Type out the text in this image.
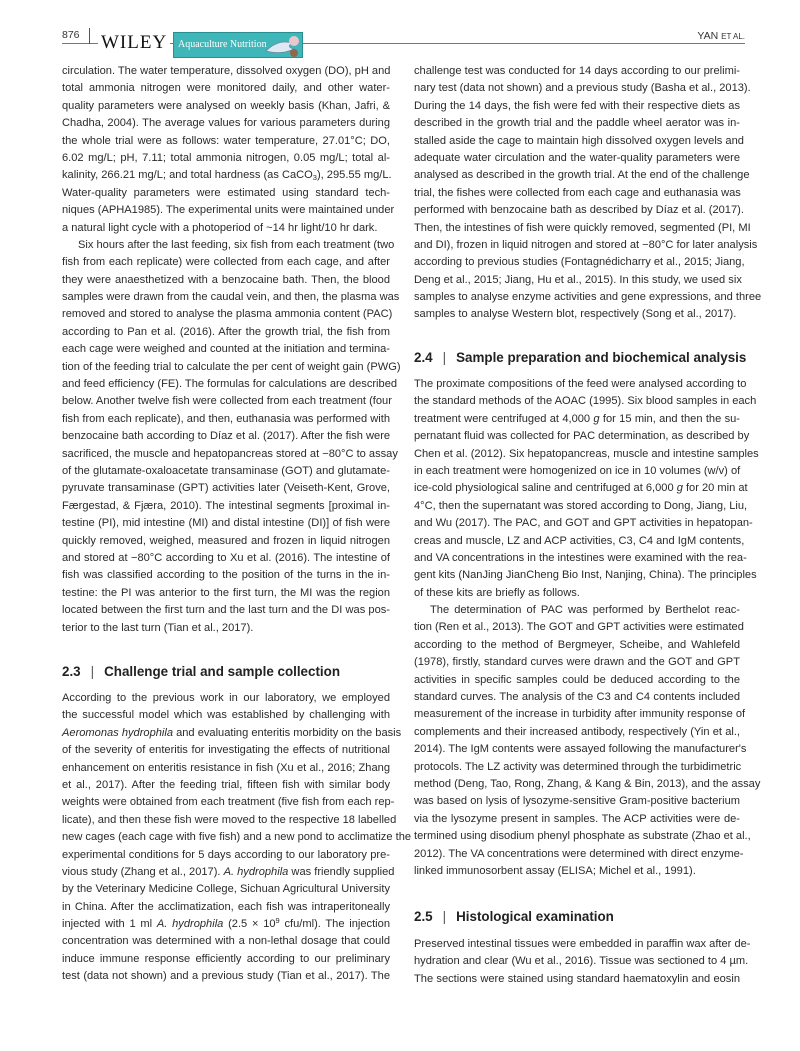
876 WILEY	Aquaculture Nutrition
YAN ET AL.
circulation. The water temperature, dissolved oxygen (DO), pH and
total ammonia nitrogen were monitored daily, and other water-
quality parameters were analysed on weekly basis (Khan, Jafri, &
Chadha, 2004). The average values for various parameters during
the whole trial were as follows: water temperature, 27.01°C; DO,
6.02 mg/L; pH, 7.11; total ammonia nitrogen, 0.05 mg/L; total al-
kalinity, 266.21 mg/L; and total hardness (as CaCO$_3$), 295.55 mg/L.
Water-quality parameters were estimated using standard tech-
niques (APHA1985). The experimental units were maintained under
a natural light cycle with a photoperiod of ~14 hr light/10 hr dark.
Six hours after the last feeding, six fish from each treatment (two
fish from each replicate) were collected from each cage, and after
they were anaesthetized with a benzocaine bath. Then, the blood
samples were drawn from the caudal vein, and then, the plasma was
removed and stored to analyse the plasma ammonia content (PAC)
according to Pan et al. (2016). After the growth trial, the fish from
each cage were weighed and counted at the initiation and termina-
tion of the feeding trial to calculate the per cent of weight gain (PWG)
and feed efficiency (FE). The formulas for calculations are described
below. Another twelve fish were collected from each treatment (four
fish from each replicate), and then, euthanasia was performed with
benzocaine bath according to Díaz et al. (2017). After the fish were
sacrificed, the muscle and hepatopancreas stored at −80°C to assay
of the glutamate-oxaloacetate transaminase (GOT) and glutamate-
pyruvate transaminase (GPT) activities later (Veiseth-Kent, Grove,
Færgestad, & Fjæra, 2010). The intestinal segments [proximal in-
testine (PI), mid intestine (MI) and distal intestine (DI)] of fish were
quickly removed, weighed, measured and frozen in liquid nitrogen
and stored at −80°C according to Xu et al. (2016). The intestine of
fish was classified according to the position of the turns in the in-
testine: the PI was anterior to the first turn, the MI was the region
located between the first turn and the last turn and the DI was pos-
terior to the last turn (Tian et al., 2017).
2.3 | Challenge trial and sample collection
According to the previous work in our laboratory, we employed
the successful model which was established by challenging with
Aeromonas hydrophila and evaluating enteritis morbidity on the basis
of the severity of enteritis for investigating the effects of nutritional
enhancement on enteritis resistance in fish (Xu et al., 2016; Zhang
et al., 2017). After the feeding trial, fifteen fish with similar body
weights were obtained from each treatment (five fish from each rep-
licate), and then these fish were moved to the respective 18 labelled
new cages (each cage with five fish) and a new pond to acclimatize the
experimental conditions for 5 days according to our laboratory pre-
vious study (Zhang et al., 2017). A. hydrophila was friendly supplied
by the Veterinary Medicine College, Sichuan Agricultural University
in China. After the acclimatization, each fish was intraperitoneally
injected with 1 ml A. hydrophila ($2.5 \times 10^9$ cfu/ml). The injection
concentration was determined with a non-lethal dosage that could
induce immune response efficiently according to our preliminary
test (data not shown) and a previous study (Tian et al., 2017). The
challenge test was conducted for 14 days according to our prelimi-
nary test (data not shown) and a previous study (Basha et al., 2013).
During the 14 days, the fish were fed with their respective diets as
described in the growth trial and the paddle wheel aerator was in-
stalled aside the cage to maintain high dissolved oxygen levels and
adequate water circulation and the water-quality parameters were
analysed as described in the growth trial. At the end of the challenge
trial, the fishes were collected from each cage and euthanasia was
performed with benzocaine bath as described by Díaz et al. (2017).
Then, the intestines of fish were quickly removed, segmented (PI, MI
and DI), frozen in liquid nitrogen and stored at −80°C for later analysis
according to previous studies (Fontagnédicharry et al., 2015; Jiang,
Deng et al., 2015; Jiang, Hu et al., 2015). In this study, we used six
samples to analyse enzyme activities and gene expressions, and three
samples to analyse Western blot, respectively (Song et al., 2017).
2.4 | Sample preparation and biochemical analysis
The proximate compositions of the feed were analysed according to
the standard methods of the AOAC (1995). Six blood samples in each
treatment were centrifuged at 4,000 g for 15 min, and then the su-
pernatant fluid was collected for PAC determination, as described by
Chen et al. (2012). Six hepatopancreas, muscle and intestine samples
in each treatment were homogenized on ice in 10 volumes (w/v) of
ice-cold physiological saline and centrifuged at 6,000 g for 20 min at
4°C, then the supernatant was stored according to Dong, Jiang, Liu,
and Wu (2017). The PAC, and GOT and GPT activities in hepatopan-
creas and muscle, LZ and ACP activities, C3, C4 and IgM contents,
and VA concentrations in the intestines were examined with the rea-
gent kits (NanJing JianCheng Bio Inst, Nanjing, China). The principles
of these kits are briefly as follows.
The determination of PAC was performed by Berthelot reac-
tion (Ren et al., 2013). The GOT and GPT activities were estimated
according to the method of Bergmeyer, Scheibe, and Wahlefeld
(1978), firstly, standard curves were drawn and the GOT and GPT
activities in specific samples could be deduced according to the
standard curves. The analysis of the C3 and C4 contents included
measurement of the increase in turbidity after immunity response of
complements and their increased antibody, respectively (Yin et al.,
2014). The IgM contents were assayed following the manufacturer's
protocols. The LZ activity was determined through the turbidimetric
method (Deng, Tao, Rong, Zhang, & Kang & Bin, 2013), and the assay
was based on lysis of lysozyme-sensitive Gram-positive bacterium
via the lysozyme present in samples. The ACP activities were de-
termined using disodium phenyl phosphate as substrate (Zhao et al.,
2012). The VA concentrations were determined with direct enzyme-
linked immunosorbent assay (ELISA; Michel et al., 1991).
2.5 | Histological examination
Preserved intestinal tissues were embedded in paraffin wax after de-
hydration and clear (Wu et al., 2016). Tissue was sectioned to 4 µm.
The sections were stained using standard haematoxylin and eosin
